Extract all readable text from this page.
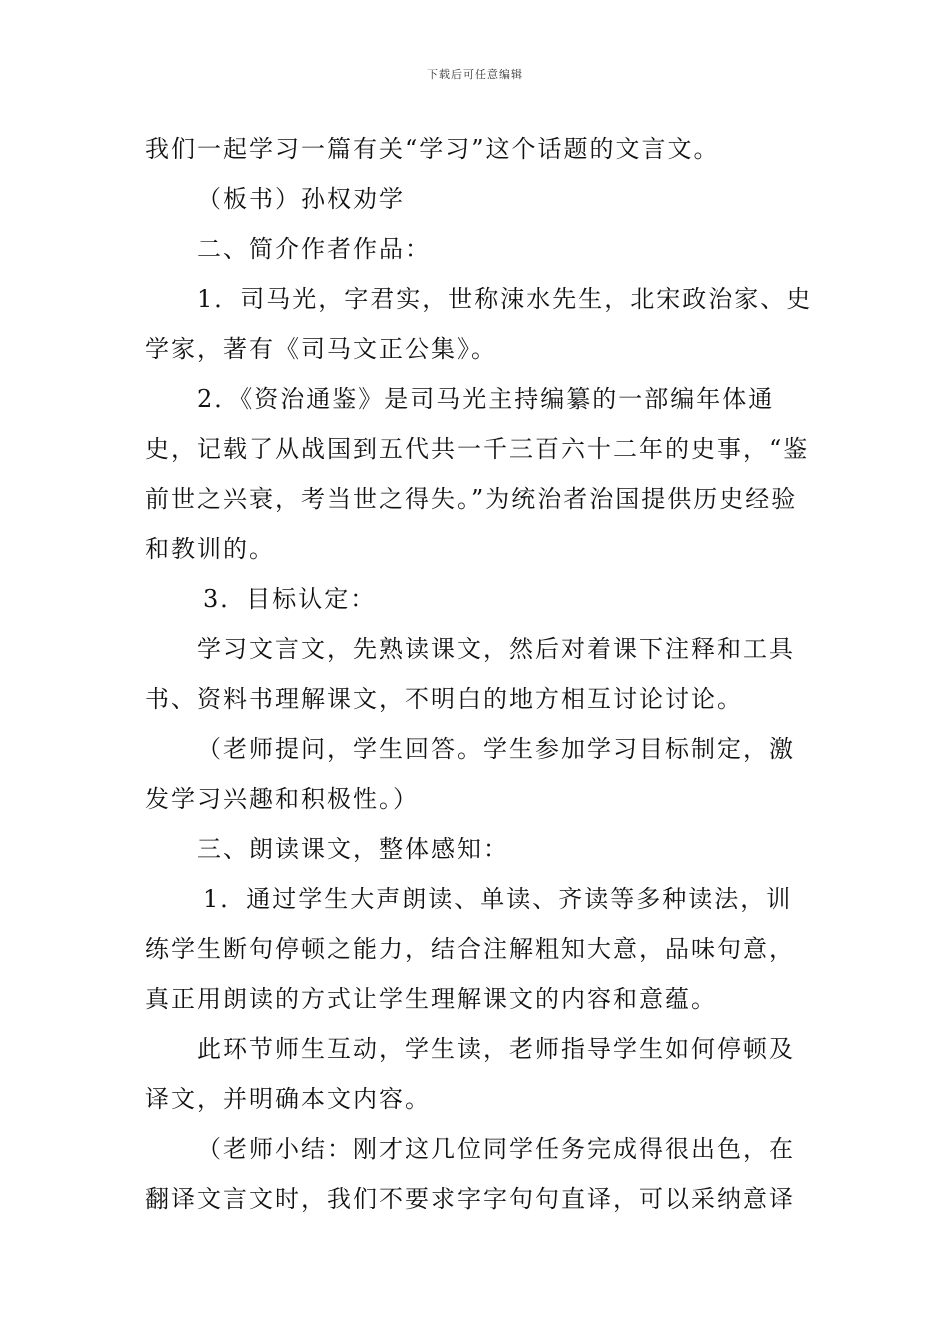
下载后可任意编辑

我们一起学习一篇有关“学习”这个话题的文言文。

（板书）孙权劝学

二、简介作者作品：

1．司马光，字君实，世称涑水先生，北宋政治家、史学家，著有《司马文正公集》。

2．《资治通鉴》是司马光主持编纂的一部编年体通史，记载了从战国到五代共一千三百六十二年的史事，“鉴前世之兴衰，考当世之得失。”为统治者治国提供历史经验和教训的。

3．目标认定：

学习文言文，先熟读课文，然后对着课下注释和工具书、资料书理解课文，不明白的地方相互讨论讨论。

（老师提问，学生回答。学生参加学习目标制定，激发学习兴趣和积极性。）

三、朗读课文，整体感知：

1．通过学生大声朗读、单读、齐读等多种读法，训练学生断句停顿之能力，结合注解粗知大意，品味句意，真正用朗读的方式让学生理解课文的内容和意蕴。

此环节师生互动，学生读，老师指导学生如何停顿及译文，并明确本文内容。

（老师小结：刚才这几位同学任务完成得很出色，在翻译文言文时，我们不要求字字句句直译，可以采纳意译
